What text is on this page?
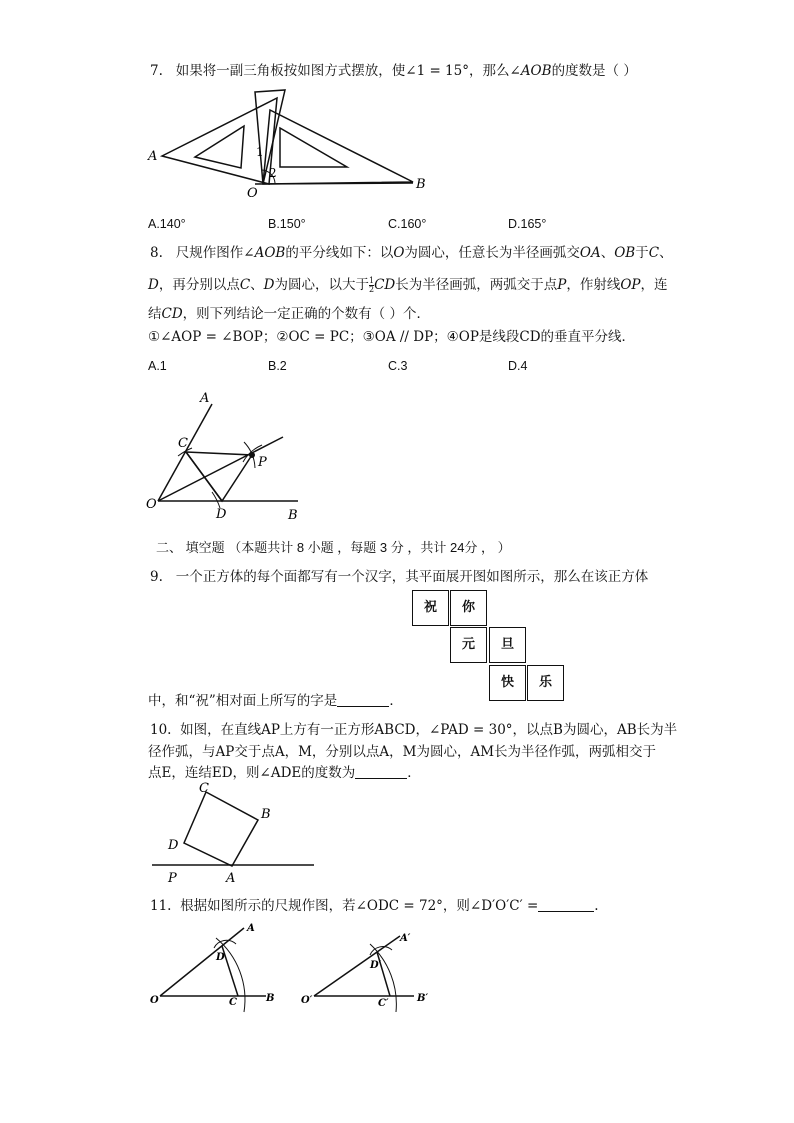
7. 如果将一副三角板按如图方式摆放，使∠1 = 15°，那么∠AOB的度数是（ ）
A
O
B
1
2
A.140°	B.150°	C.160°	D.165°
8. 尺规作图作∠AOB的平分线如下：以O为圆心，任意长为半径画弧交OA、OB于C、
D，再分别以点C、D为圆心，以大于 $\frac{1}{2}$ CD长为半径画弧，两弧交于点P，作射线OP，连
结CD，则下列结论一定正确的个数有（ ）个．
①∠AOP = ∠BOP；②OC = PC；③OA // DP；④OP是线段CD的垂直平分线．
A.1	B.2	C.3	D.4
A
C
P
O
D	B
二、 填空题 （本题共计 8 小题 ，每题 3 分 ，共计 24分 ， ）
9. 一个正方体的每个面都写有一个汉字，其平面展开图如图所示，那么在该正方体
祝	你
元	旦
快	乐
中，和“祝”相对面上所写的字是	．
10. 如图，在直线AP上方有一正方形ABCD，∠PAD = 30°，以点B为圆心，AB长为半
径作弧，与AP交于点A，M，分别以点A，M为圆心，AM长为半径作弧，两弧相交于
点E，连结ED，则∠ADE的度数为	．
C
B
D
P	A
11. 根据如图所示的尺规作图，若∠ODC = 72°，则∠D′O′C′ =	.
A
D
O	C	B
A′
D′
O′	C′	B′
